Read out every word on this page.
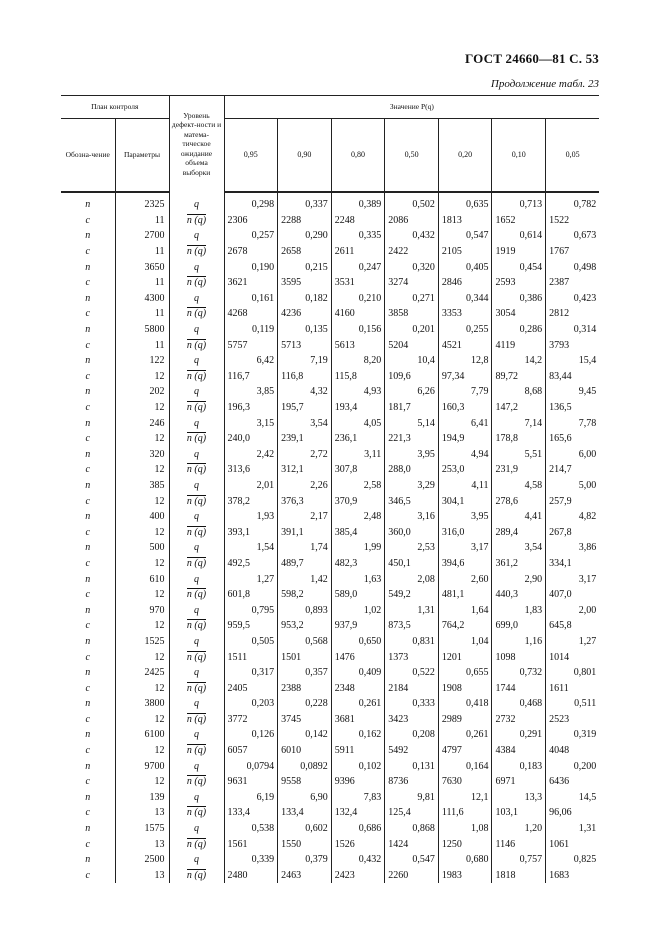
ГОСТ 24660—81 С. 53
Продолжение табл. 23
План контроля		Уровень дефект-ности и матема-тическое ожидание объема выборки	Значение P(q)						
Обозна-чение	Параметры		0,95	0,90	0,80	0,50	0,20	0,10	0,05
n	2325	q	0,298	0,337	0,389	0,502	0,635	0,713	0,782
c	11	n (q)	2306	2288	2248	2086	1813	1652	1522
n	2700	q	0,257	0,290	0,335	0,432	0,547	0,614	0,673
c	11	n (q)	2678	2658	2611	2422	2105	1919	1767
n	3650	q	0,190	0,215	0,247	0,320	0,405	0,454	0,498
c	11	n (q)	3621	3595	3531	3274	2846	2593	2387
n	4300	q	0,161	0,182	0,210	0,271	0,344	0,386	0,423
c	11	n (q)	4268	4236	4160	3858	3353	3054	2812
n	5800	q	0,119	0,135	0,156	0,201	0,255	0,286	0,314
c	11	n (q)	5757	5713	5613	5204	4521	4119	3793
n	122	q	6,42	7,19	8,20	10,4	12,8	14,2	15,4
c	12	n (q)	116,7	116,8	115,8	109,6	97,34	89,72	83,44
n	202	q	3,85	4,32	4,93	6,26	7,79	8,68	9,45
c	12	n (q)	196,3	195,7	193,4	181,7	160,3	147,2	136,5
n	246	q	3,15	3,54	4,05	5,14	6,41	7,14	7,78
c	12	n (q)	240,0	239,1	236,1	221,3	194,9	178,8	165,6
n	320	q	2,42	2,72	3,11	3,95	4,94	5,51	6,00
c	12	n (q)	313,6	312,1	307,8	288,0	253,0	231,9	214,7
n	385	q	2,01	2,26	2,58	3,29	4,11	4,58	5,00
c	12	n (q)	378,2	376,3	370,9	346,5	304,1	278,6	257,9
n	400	q	1,93	2,17	2,48	3,16	3,95	4,41	4,82
c	12	n (q)	393,1	391,1	385,4	360,0	316,0	289,4	267,8
n	500	q	1,54	1,74	1,99	2,53	3,17	3,54	3,86
c	12	n (q)	492,5	489,7	482,3	450,1	394,6	361,2	334,1
n	610	q	1,27	1,42	1,63	2,08	2,60	2,90	3,17
c	12	n (q)	601,8	598,2	589,0	549,2	481,1	440,3	407,0
n	970	q	0,795	0,893	1,02	1,31	1,64	1,83	2,00
c	12	n (q)	959,5	953,2	937,9	873,5	764,2	699,0	645,8
n	1525	q	0,505	0,568	0,650	0,831	1,04	1,16	1,27
c	12	n (q)	1511	1501	1476	1373	1201	1098	1014
n	2425	q	0,317	0,357	0,409	0,522	0,655	0,732	0,801
c	12	n (q)	2405	2388	2348	2184	1908	1744	1611
n	3800	q	0,203	0,228	0,261	0,333	0,418	0,468	0,511
c	12	n (q)	3772	3745	3681	3423	2989	2732	2523
n	6100	q	0,126	0,142	0,162	0,208	0,261	0,291	0,319
c	12	n (q)	6057	6010	5911	5492	4797	4384	4048
n	9700	q	0,0794	0,0892	0,102	0,131	0,164	0,183	0,200
c	12	n (q)	9631	9558	9396	8736	7630	6971	6436
n	139	q	6,19	6,90	7,83	9,81	12,1	13,3	14,5
c	13	n (q)	133,4	133,4	132,4	125,4	111,6	103,1	96,06
n	1575	q	0,538	0,602	0,686	0,868	1,08	1,20	1,31
c	13	n (q)	1561	1550	1526	1424	1250	1146	1061
n	2500	q	0,339	0,379	0,432	0,547	0,680	0,757	0,825
c	13	n (q)	2480	2463	2423	2260	1983	1818	1683
